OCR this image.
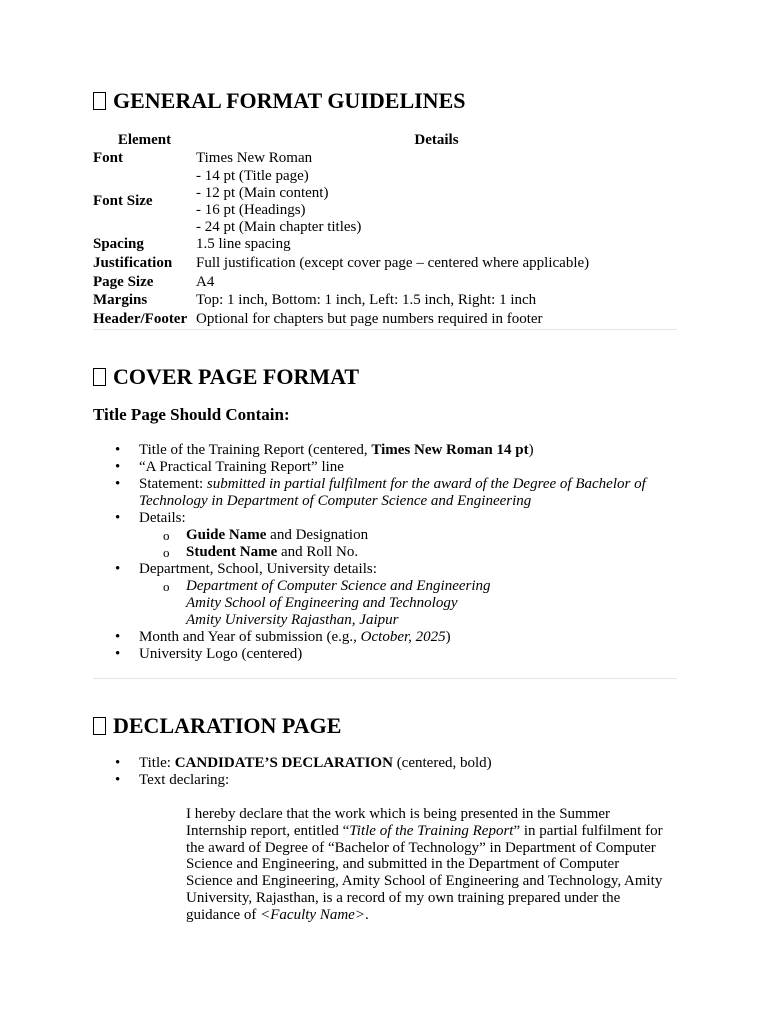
GENERAL FORMAT GUIDELINES
Element	Details
Font	Times New Roman
Font Size	- 14 pt (Title page)
- 12 pt (Main content)
- 16 pt (Headings)
- 24 pt (Main chapter titles)

Spacing	1.5 line spacing
Justification	Full justification (except cover page – centered where applicable)
Page Size	A4
Margins	Top: 1 inch, Bottom: 1 inch, Left: 1.5 inch, Right: 1 inch
Header/Footer	Optional for chapters but page numbers required in footer
COVER PAGE FORMAT
Title Page Should Contain:
• Title of the Training Report (centered, Times New Roman 14 pt)
• “A Practical Training Report” line
• Statement: submitted in partial fulfilment for the award of the Degree of Bachelor of Technology in Department of Computer Science and Engineering
• Details:
o Guide Name and Designation
o Student Name and Roll No.
• Department, School, University details:
o Department of Computer Science and Engineering
Amity School of Engineering and Technology
Amity University Rajasthan, Jaipur
• Month and Year of submission (e.g., October, 2025)
• University Logo (centered)
DECLARATION PAGE
• Title: CANDIDATE’S DECLARATION (centered, bold)
• Text declaring:
I hereby declare that the work which is being presented in the Summer Internship report, entitled “Title of the Training Report” in partial fulfilment for the award of Degree of “Bachelor of Technology” in Department of Computer Science and Engineering, and submitted in the Department of Computer Science and Engineering, Amity School of Engineering and Technology, Amity University, Rajasthan, is a record of my own training prepared under the guidance of <Faculty Name>.
